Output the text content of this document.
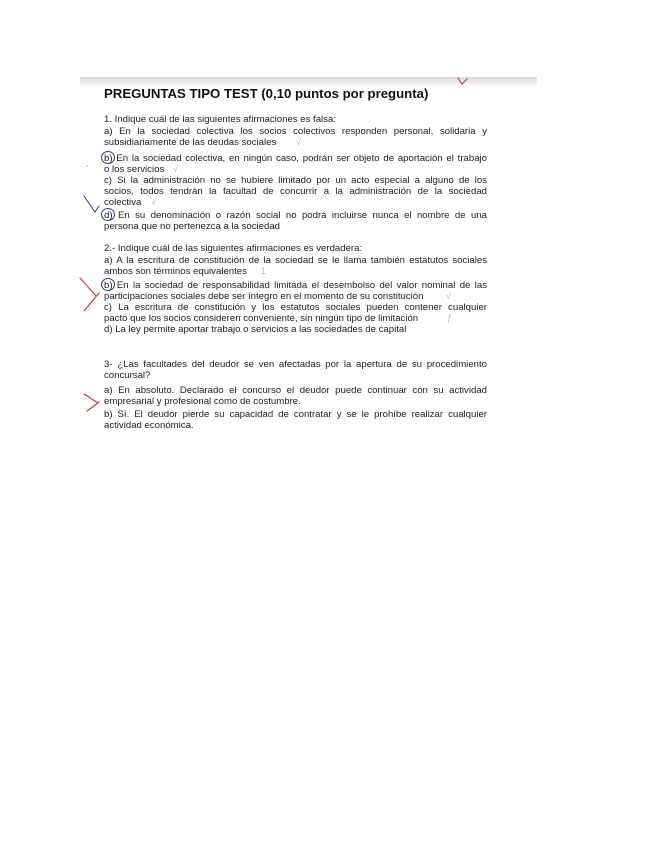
PREGUNTAS TIPO TEST (0,10 puntos por pregunta)
1. Indique cuál de las siguientes afirmaciones es falsa:
a) En la sociedad colectiva los socios colectivos responden personal, solidaria y
subsidiariamente de las deudas sociales
b) En la sociedad colectiva, en ningún caso, podrán ser objeto de aportación el trabajo
o los servicios
c) Si la administración no se hubiere limitado por un acto especial a alguno de los
socios, todos tendrán la facultad de concurrir a la administración de la sociedad
colectiva
d) En su denominación o razón social no podrá incluirse nunca el nombre de una
persona que no pertenezca a la sociedad
2.- Indique cuál de las siguientes afirmaciones es verdadera:
a) A la escritura de constitución de la sociedad se le llama también estatutos sociales
ambos son términos equivalentes
b) En la sociedad de responsabilidad limitada el desembolso del valor nominal de las
participaciones sociales debe ser íntegro en el momento de su constitución
c) La escritura de constitución y los estatutos sociales pueden contener cualquier
pacto que los socios consideren conveniente, sin ningún tipo de limitación
d) La ley permite aportar trabajo o servicios a las sociedades de capital
3- ¿Las facultades del deudor se ven afectadas por la apertura de su procedimiento
concursal?
a) En absoluto. Declarado el concurso el deudor puede continuar con su actividad
empresarial y profesional como de costumbre.
b) Sí. El deudor pierde su capacidad de contratar y se le prohíbe realizar cualquier
actividad económica.
√
√
√
1
√
ƒ
